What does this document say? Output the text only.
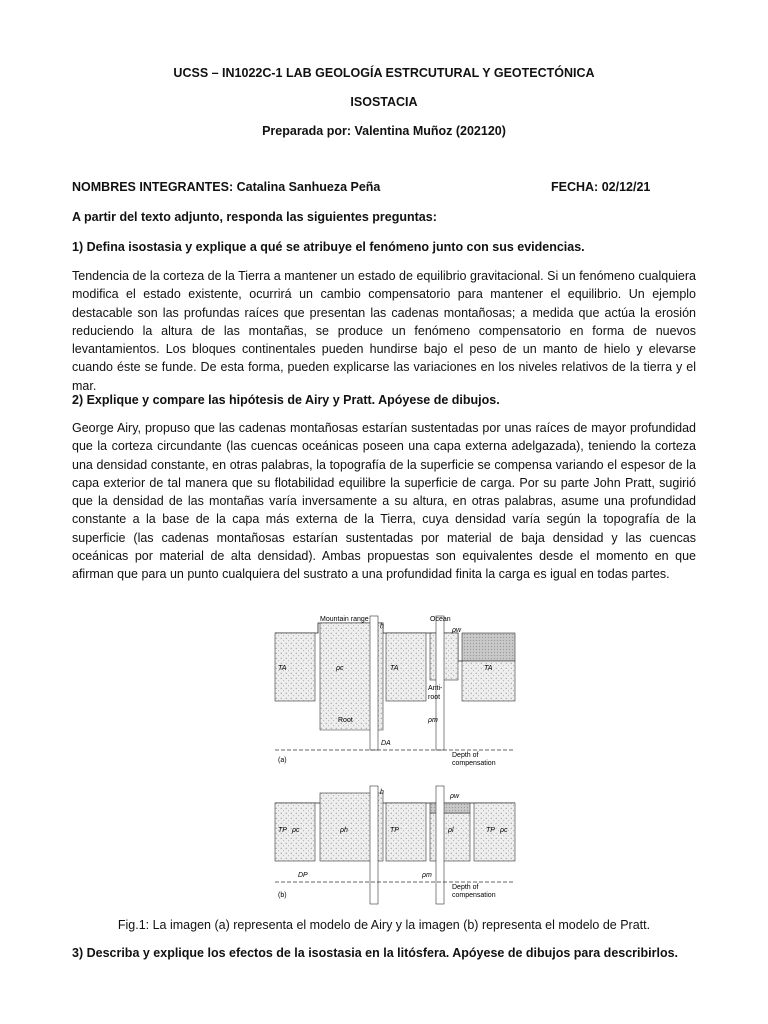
UCSS – IN1022C-1 LAB GEOLOGÍA ESTRCUTURAL Y GEOTECTÓNICA
ISOSTACIA
Preparada por: Valentina Muñoz (202120)
NOMBRES INTEGRANTES: Catalina Sanhueza Peña	FECHA: 02/12/21
A partir del texto adjunto, responda las siguientes preguntas:
1) Defina isostasia y explique a qué se atribuye el fenómeno junto con sus evidencias.
Tendencia de la corteza de la Tierra a mantener un estado de equilibrio gravitacional. Si un fenómeno cualquiera modifica el estado existente, ocurrirá un cambio compensatorio para mantener el equilibrio. Un ejemplo destacable son las profundas raíces que presentan las cadenas montañosas; a medida que actúa la erosión reduciendo la altura de las montañas, se produce un fenómeno compensatorio en forma de nuevos levantamientos. Los bloques continentales pueden hundirse bajo el peso de un manto de hielo y elevarse cuando éste se funde. De esta forma, pueden explicarse las variaciones en los niveles relativos de la tierra y el mar.
2) Explique y compare las hipótesis de Airy y Pratt. Apóyese de dibujos.
George Airy, propuso que las cadenas montañosas estarían sustentadas por unas raíces de mayor profundidad que la corteza circundante (las cuencas oceánicas poseen una capa externa adelgazada), teniendo la corteza una densidad constante, en otras palabras, la topografía de la superficie se compensa variando el espesor de la capa exterior de tal manera que su flotabilidad equilibre la superficie de carga. Por su parte John Pratt, sugirió que la densidad de las montañas varía inversamente a su altura, en otras palabras, asume una profundidad constante a la base de la capa más externa de la Tierra, cuya densidad varía según la topografía de la superficie (las cadenas montañosas estarían sustentadas por material de baja densidad y las cuencas oceánicas por material de alta densidad). Ambas propuestas son equivalentes desde el momento en que afirman que para un punto cualquiera del sustrato a una profundidad finita la carga es igual en todas partes.
Mountain range	Ocean
h
ρw
TA	ρc	TA	TA
Anti-
root
Root	ρm
DA
Depth of
compensation
(a)
h
ρw
TP ρc	ρh	TP	ρl	TP ρc
DP	ρm
Depth of
compensation
(b)
Fig.1: La imagen (a) representa el modelo de Airy y la imagen (b) representa el modelo de Pratt.
3) Describa y explique los efectos de la isostasia en la litósfera. Apóyese de dibujos para describirlos.
